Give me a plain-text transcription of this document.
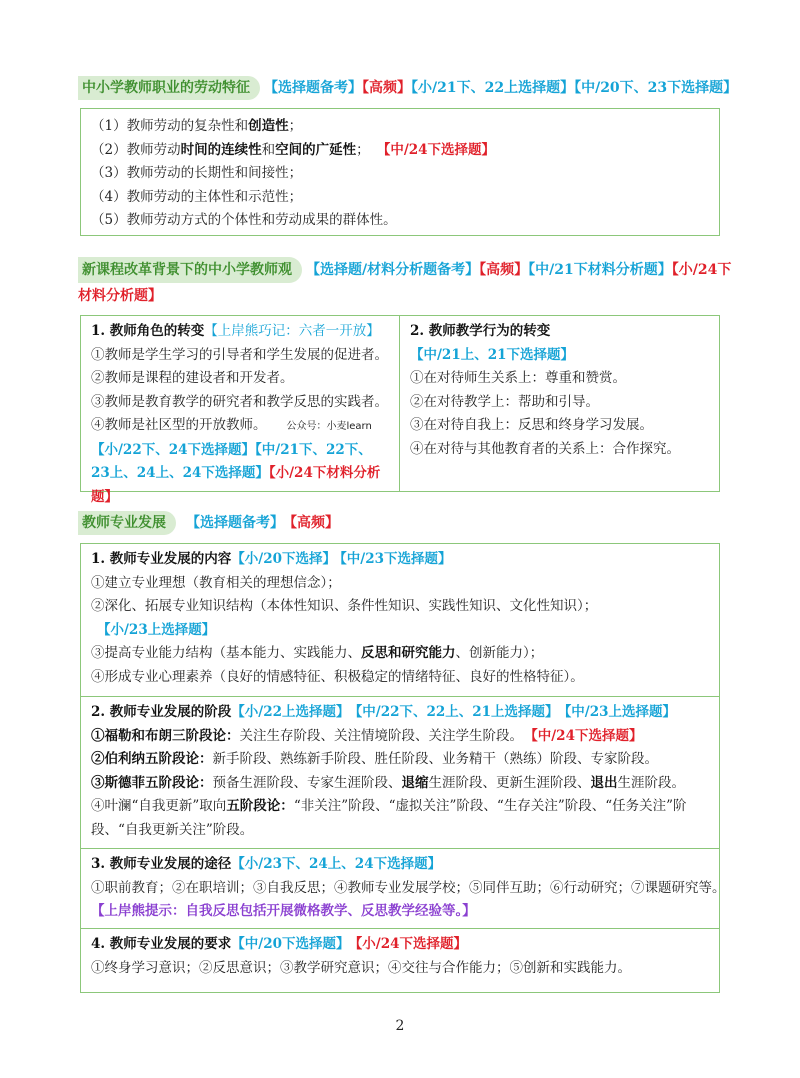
中小学教师职业的劳动特征 【选择题备考】【高频】【小/21下、22上选择题】【中/20下、23下选择题】
（1）教师劳动的复杂性和创造性；
（2）教师劳动时间的连续性和空间的广延性； 【中/24下选择题】
（3）教师劳动的长期性和间接性；
（4）教师劳动的主体性和示范性；
（5）教师劳动方式的个体性和劳动成果的群体性。
新课程改革背景下的中小学教师观 【选择题/材料分析题备考】【高频】【中/21下材料分析题】【小/24下材料分析题】
1. 教师角色的转变【上岸熊巧记：六者一开放】
①教师是学生学习的引导者和学生发展的促进者。
②教师是课程的建设者和开发者。
③教师是教育教学的研究者和教学反思的实践者。
④教师是社区型的开放教师。 公众号：小麦learn
【小/22下、24下选择题】【中/21下、22下、23上、24上、24下选择题】【小/24下材料分析题】
2. 教师教学行为的转变【中/21上、21下选择题】
①在对待师生关系上：尊重和赞赏。
②在对待教学上：帮助和引导。
③在对待自我上：反思和终身学习发展。
④在对待与其他教育者的关系上：合作探究。
教师专业发展 【选择题备考】 【高频】
1. 教师专业发展的内容【小/20下选择】 【中/23下选择题】
①建立专业理想（教育相关的理想信念）；
②深化、拓展专业知识结构（本体性知识、条件性知识、实践性知识、文化性知识）；【小/23上选择题】
③提高专业能力结构（基本能力、实践能力、反思和研究能力、创新能力）；
④形成专业心理素养（良好的情感特征、积极稳定的情绪特征、良好的性格特征）。
2. 教师专业发展的阶段【小/22上选择题】 【中/22下、22上、21上选择题】 【中/23上选择题】
①福勒和布朗三阶段论：关注生存阶段、关注情境阶段、关注学生阶段。 【中/24下选择题】
②伯利纳五阶段论：新手阶段、熟练新手阶段、胜任阶段、业务精干（熟练）阶段、专家阶段。
③斯德菲五阶段论：预备生涯阶段、专家生涯阶段、退缩生涯阶段、更新生涯阶段、退出生涯阶段。
④叶澜“自我更新”取向五阶段论：“非关注”阶段、“虚拟关注”阶段、“生存关注”阶段、“任务关注”阶段、“自我更新关注”阶段。
3. 教师专业发展的途径【小/23下、24上、24下选择题】
①职前教育；②在职培训；③自我反思；④教师专业发展学校；⑤同伴互助；⑥行动研究；⑦课题研究等。
【上岸熊提示：自我反思包括开展微格教学、反思教学经验等。】
4. 教师专业发展的要求【中/20下选择题】 【小/24下选择题】
①终身学习意识；②反思意识；③教学研究意识；④交往与合作能力；⑤创新和实践能力。
2
